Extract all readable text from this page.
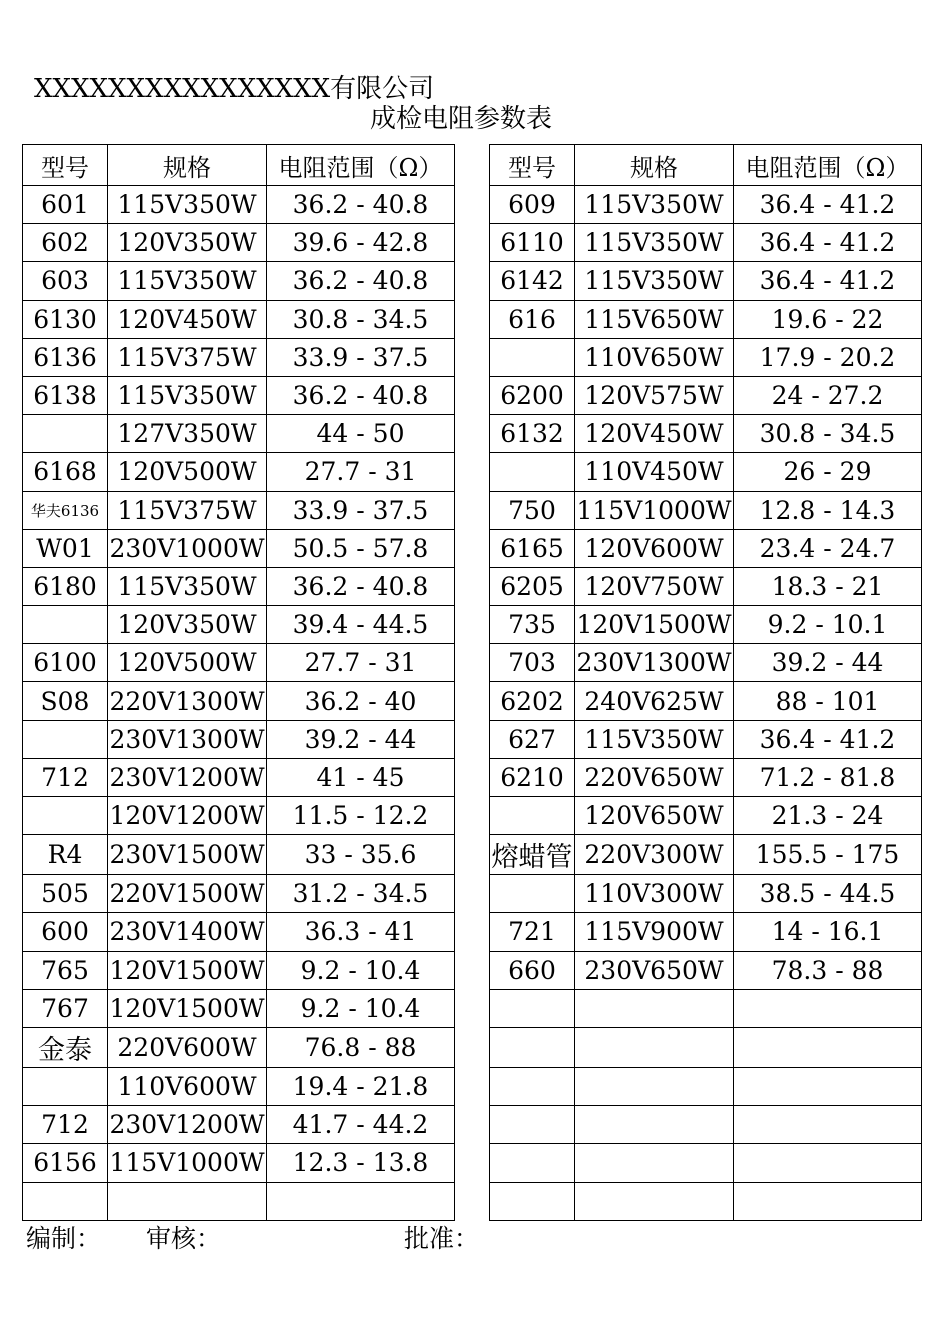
XXXXXXXXXXXXXXXX有限公司
成检电阻参数表
型号	规格	电阻范围（Ω）		型号	规格	电阻范围（Ω）
601	115V350W	36.2 - 40.8		609	115V350W	36.4 - 41.2
602	120V350W	39.6 - 42.8		6110	115V350W	36.4 - 41.2
603	115V350W	36.2 - 40.8		6142	115V350W	36.4 - 41.2
6130	120V450W	30.8 - 34.5		616	115V650W	19.6 - 22
6136	115V375W	33.9 - 37.5			110V650W	17.9 - 20.2
6138	115V350W	36.2 - 40.8		6200	120V575W	24 - 27.2
	127V350W	44 - 50		6132	120V450W	30.8 - 34.5
6168	120V500W	27.7 - 31			110V450W	26 - 29
华夫6136	115V375W	33.9 - 37.5		750	115V1000W	12.8 - 14.3
W01	230V1000W	50.5 - 57.8		6165	120V600W	23.4 - 24.7
6180	115V350W	36.2 - 40.8		6205	120V750W	18.3 - 21
	120V350W	39.4 - 44.5		735	120V1500W	9.2 - 10.1
6100	120V500W	27.7 - 31		703	230V1300W	39.2 - 44
S08	220V1300W	36.2 - 40		6202	240V625W	88 - 101
	230V1300W	39.2 - 44		627	115V350W	36.4 - 41.2
712	230V1200W	41 - 45		6210	220V650W	71.2 - 81.8
	120V1200W	11.5 - 12.2			120V650W	21.3 - 24
R4	230V1500W	33 - 35.6		熔蜡管	220V300W	155.5 - 175
505	220V1500W	31.2 - 34.5			110V300W	38.5 - 44.5
600	230V1400W	36.3 - 41		721	115V900W	14 - 16.1
765	120V1500W	9.2 - 10.4		660	230V650W	78.3 - 88
767	120V1500W	9.2 - 10.4				
金泰	220V600W	76.8 - 88				
	110V600W	19.4 - 21.8				
712	230V1200W	41.7 - 44.2				
6156	115V1000W	12.3 - 13.8				

编制： 审核：	批准：
